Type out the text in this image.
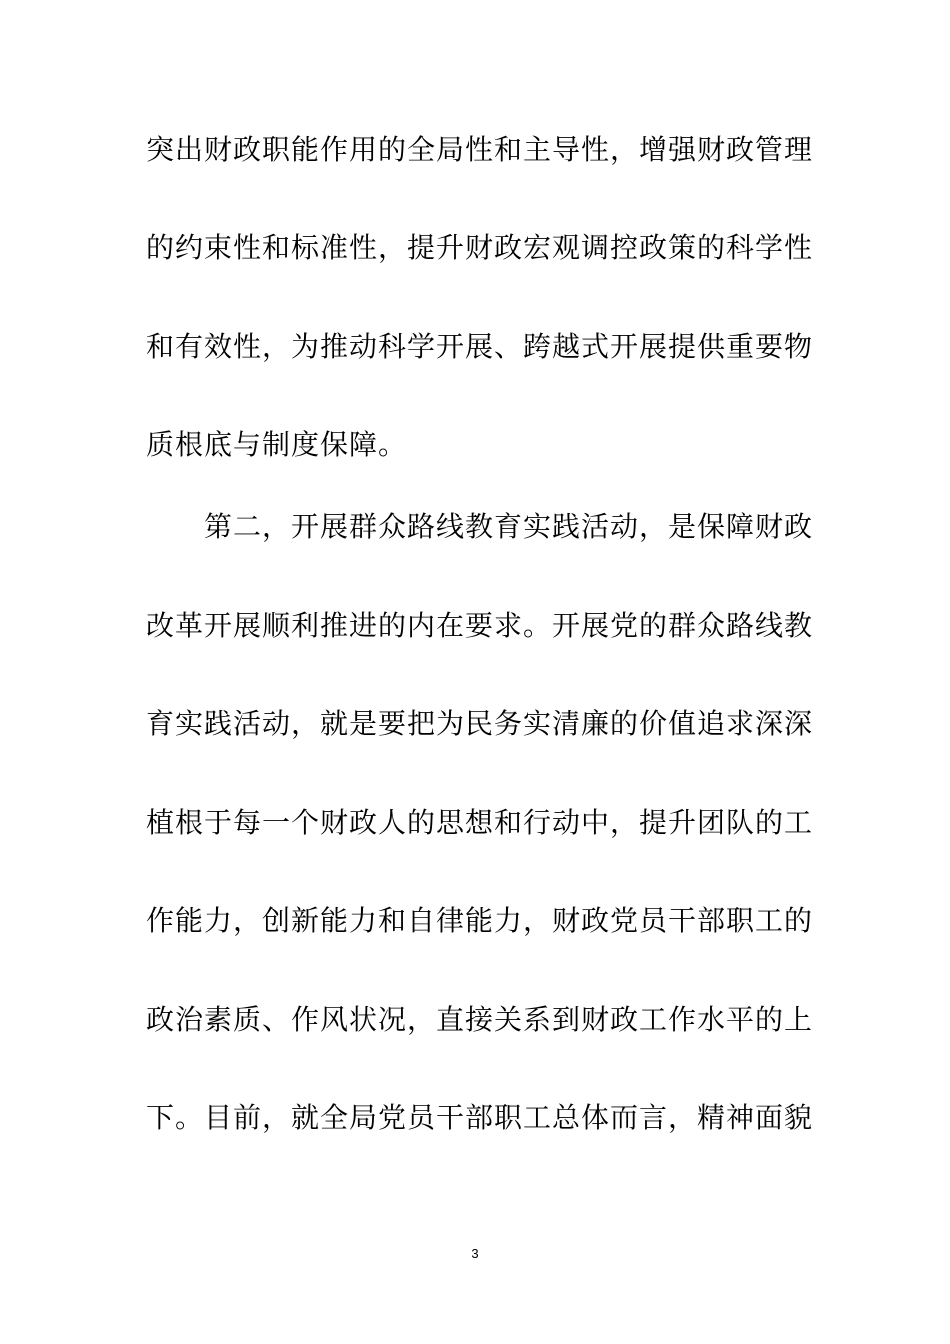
突出财政职能作用的全局性和主导性，增强财政管理
的约束性和标准性，提升财政宏观调控政策的科学性
和有效性，为推动科学开展、跨越式开展提供重要物
质根底与制度保障。
第二，开展群众路线教育实践活动，是保障财政
改革开展顺利推进的内在要求。开展党的群众路线教
育实践活动，就是要把为民务实清廉的价值追求深深
植根于每一个财政人的思想和行动中，提升团队的工
作能力，创新能力和自律能力，财政党员干部职工的
政治素质、作风状况，直接关系到财政工作水平的上
下。目前，就全局党员干部职工总体而言，精神面貌
3
